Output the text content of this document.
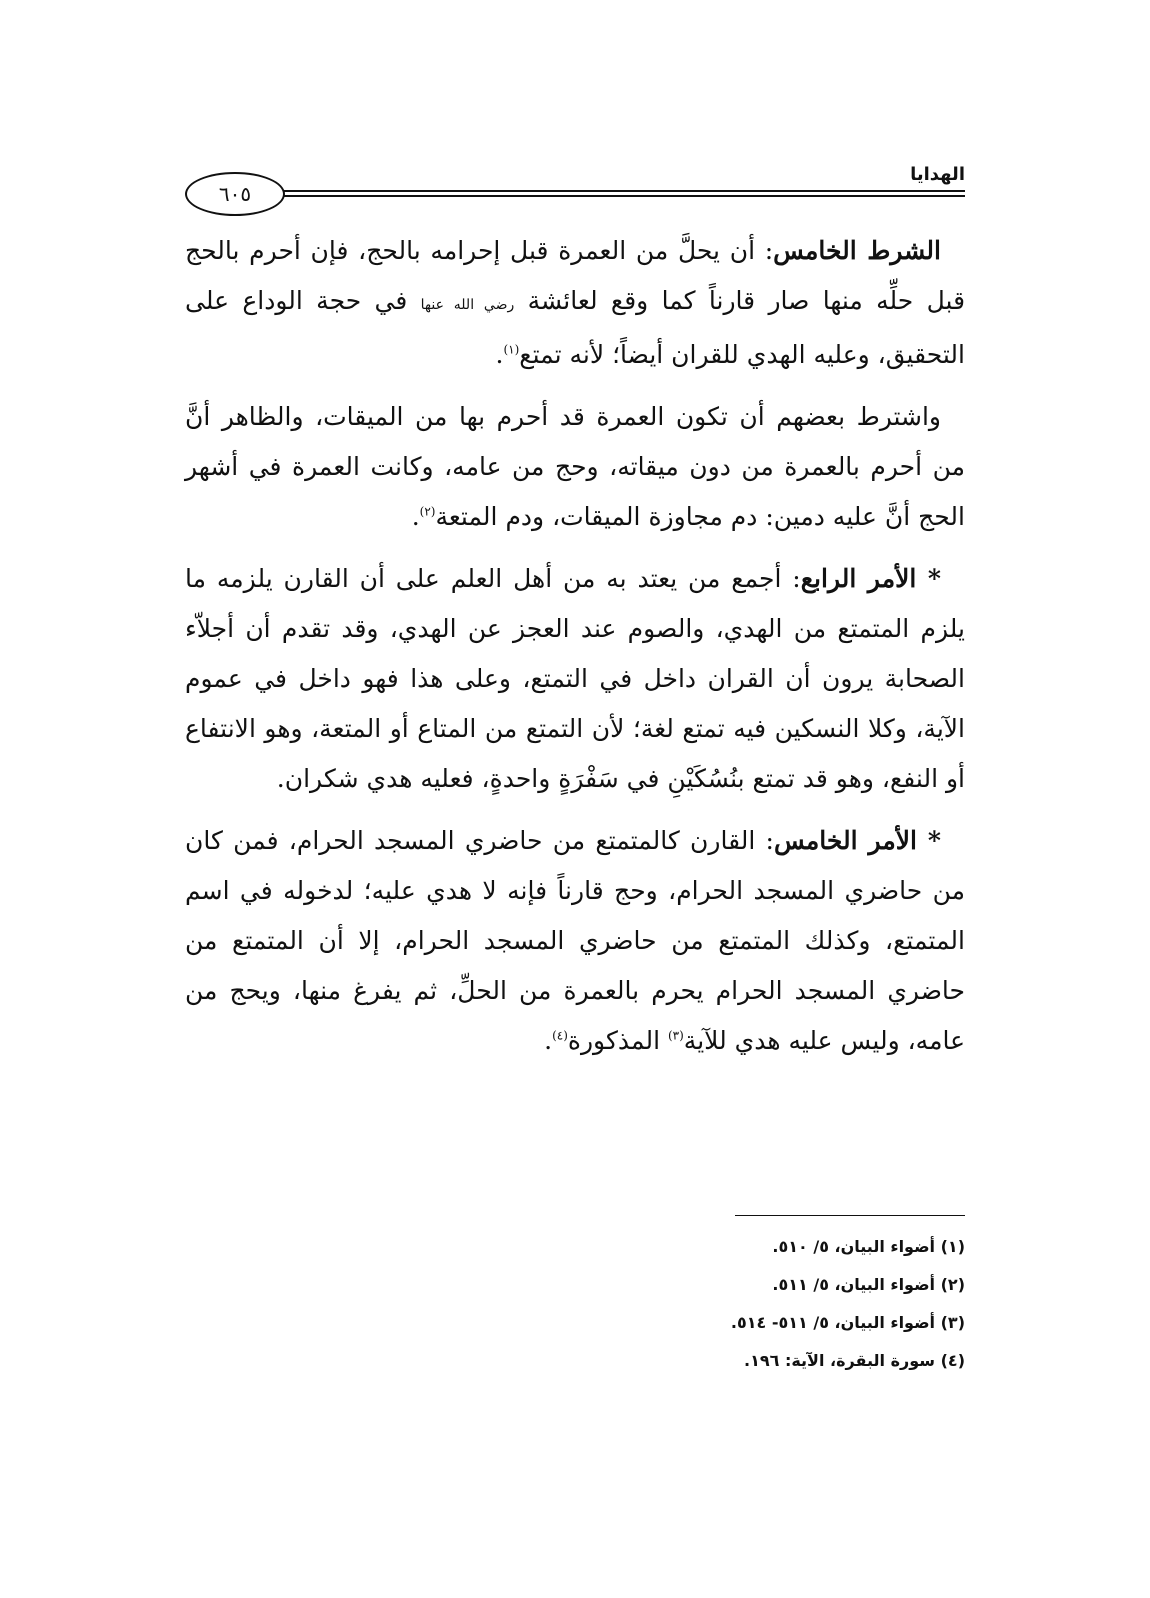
الهدايا
٦٠٥

الشرط الخامس: أن يحلَّ من العمرة قبل إحرامه بالحج، فإن أحرم بالحج قبل حلِّه منها صار قارناً كما وقع لعائشة رضي الله عنها في حجة الوداع على التحقيق، وعليه الهدي للقران أيضاً؛ لأنه تمتع$^{(١)}$.

واشترط بعضهم أن تكون العمرة قد أحرم بها من الميقات، والظاهر أنَّ من أحرم بالعمرة من دون ميقاته، وحج من عامه، وكانت العمرة في أشهر الحج أنَّ عليه دمين: دم مجاوزة الميقات، ودم المتعة$^{(٢)}$.

* الأمر الرابع: أجمع من يعتد به من أهل العلم على أن القارن يلزمه ما يلزم المتمتع من الهدي، والصوم عند العجز عن الهدي، وقد تقدم أن أجلاّء الصحابة يرون أن القران داخل في التمتع، وعلى هذا فهو داخل في عموم الآية، وكلا النسكين فيه تمتع لغة؛ لأن التمتع من المتاع أو المتعة، وهو الانتفاع أو النفع، وهو قد تمتع بنُسُكَيْنِ في سَفْرَةٍ واحدةٍ، فعليه هدي شكران.

* الأمر الخامس: القارن كالمتمتع من حاضري المسجد الحرام، فمن كان من حاضري المسجد الحرام، وحج قارناً فإنه لا هدي عليه؛ لدخوله في اسم المتمتع، وكذلك المتمتع من حاضري المسجد الحرام، إلا أن المتمتع من حاضري المسجد الحرام يحرم بالعمرة من الحلِّ، ثم يفرغ منها، ويحج من عامه، وليس عليه هدي للآية$^{(٣)}$ المذكورة$^{(٤)}$.

(١) أضواء البيان، ٥/ ٥١٠.
(٢) أضواء البيان، ٥/ ٥١١.
(٣) أضواء البيان، ٥/ ٥١١- ٥١٤.
(٤) سورة البقرة، الآية: ١٩٦.
